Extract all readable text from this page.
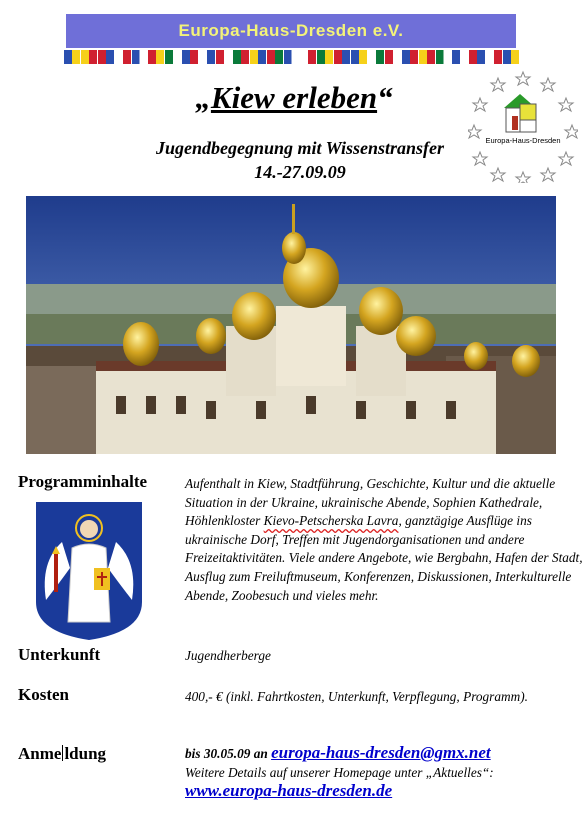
Europa-Haus-Dresden e.V.
„Kiew erleben“
Jugendbegegnung mit Wissenstransfer
14.-27.09.09
Europa-Haus-Dresden
Programminhalte	Aufenthalt in Kiew, Stadtführung, Geschichte, Kultur und die aktuelle Situation in der Ukraine, ukrainische Abende, Sophien Kathedrale, Höhlenkloster Kievo-Petscherska Lavra, ganztägige Ausflüge ins ukrainische Dorf, Treffen mit Jugendorganisationen und andere Freizeitaktivitäten. Viele andere Angebote, wie Bergbahn, Hafen der Stadt, Ausflug zum Freiluftmuseum, Konferenzen, Diskussionen, Interkulturelle Abende, Zoobesuch und vieles mehr.
Unterkunft	Jugendherberge
Kosten	400,- € (inkl. Fahrtkosten, Unterkunft, Verpflegung, Programm).
Anme ldung	bis 30.05.09 an europa-haus-dresden@gmx.net
Weitere Details auf unserer Homepage unter „Aktuelles“:
www.europa-haus-dresden.de
